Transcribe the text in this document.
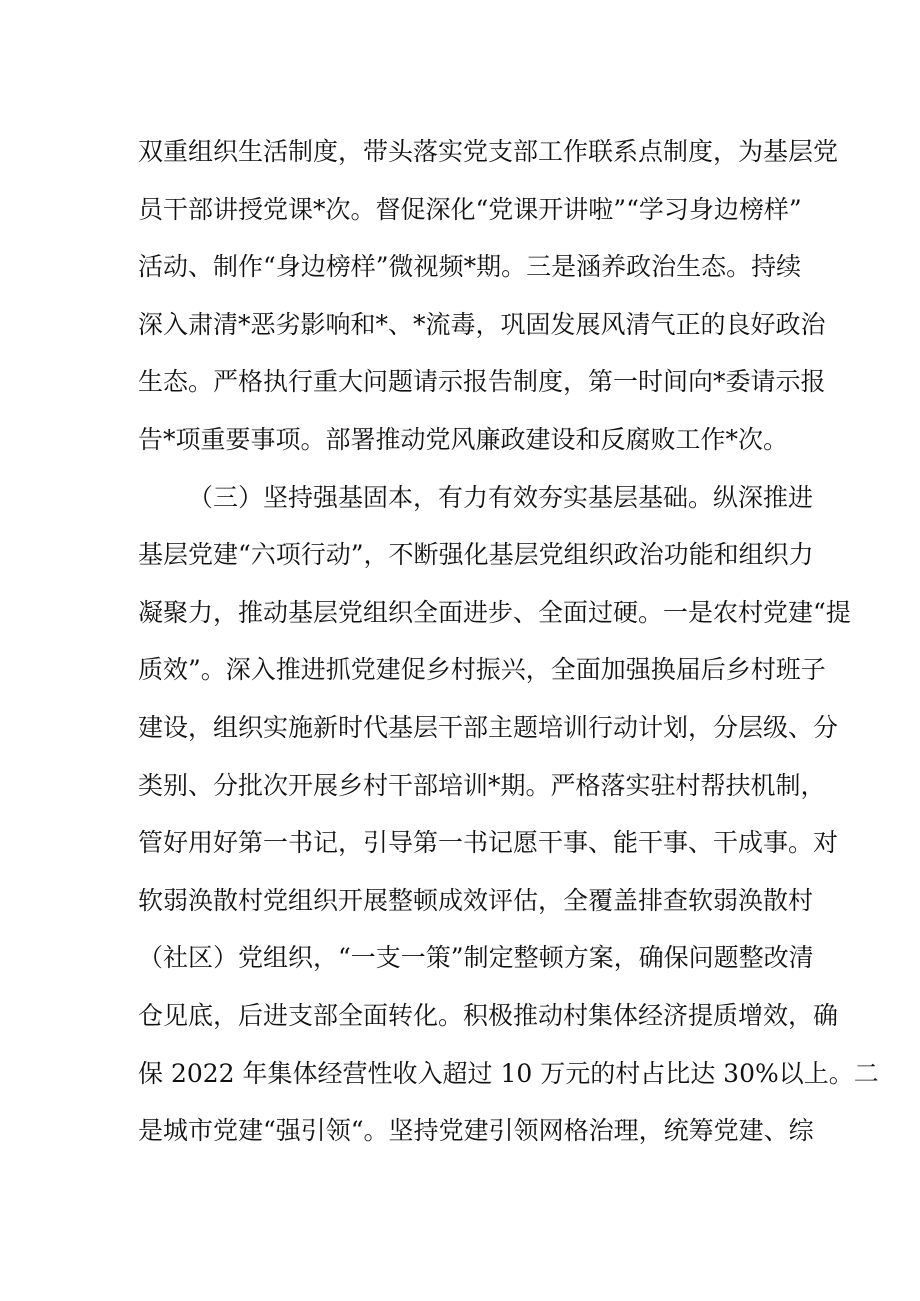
双重组织生活制度，带头落实党支部工作联系点制度，为基层党
员干部讲授党课*次。督促深化“党课开讲啦”“学习身边榜样”
活动、制作“身边榜样”微视频*期。三是涵养政治生态。持续
深入肃清*恶劣影响和*、*流毒，巩固发展风清气正的良好政治
生态。严格执行重大问题请示报告制度，第一时间向*委请示报
告*项重要事项。部署推动党风廉政建设和反腐败工作*次。
（三）坚持强基固本，有力有效夯实基层基础。纵深推进
基层党建“六项行动”，不断强化基层党组织政治功能和组织力
凝聚力，推动基层党组织全面进步、全面过硬。一是农村党建“提
质效”。深入推进抓党建促乡村振兴，全面加强换届后乡村班子
建设，组织实施新时代基层干部主题培训行动计划，分层级、分
类别、分批次开展乡村干部培训*期。严格落实驻村帮扶机制，
管好用好第一书记，引导第一书记愿干事、能干事、干成事。对
软弱涣散村党组织开展整顿成效评估，全覆盖排查软弱涣散村
（社区）党组织，“一支一策”制定整顿方案，确保问题整改清
仓见底，后进支部全面转化。积极推动村集体经济提质增效，确
保 2022 年集体经营性收入超过 10 万元的村占比达 30%以上。二
是城市党建“强引领“。坚持党建引领网格治理，统筹党建、综
